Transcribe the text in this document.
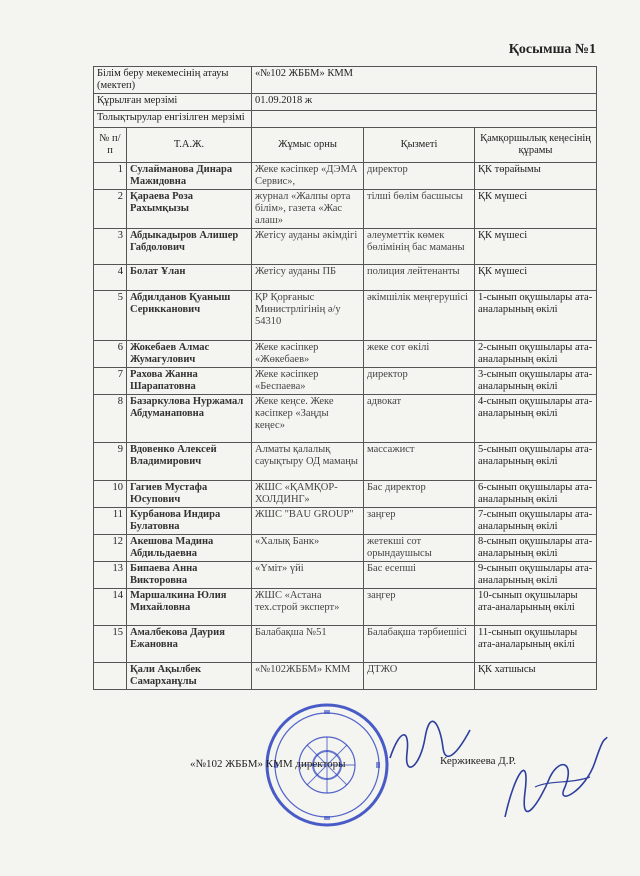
Қосымша №1
Білім беру мекемесінің атауы (мектеп)		«№102 ЖББМ» КММ		
Құрылған мерзімі		01.09.2018 ж		
Толықтырулар енгізілген мерзімі				
№ п/п	Т.А.Ж.	Жұмыс орны	Қызметі	Қамқоршылық кеңесінің құрамы
1	Сулайманова Динара Мажидовна	Жеке кәсіпкер «ДЭМА Сервис»,	директор	ҚК төрайымы
2	Қараева Роза Рахымқызы	журнал «Жалпы орта білім», газета «Жас алаш»	тілші бөлім басшысы	ҚК мүшесі
3	Абдыкадыров Алишер Габдолович	Жетісу ауданы әкімдігі	әлеуметтік көмек бөлімінің бас маманы	ҚК мүшесі
4	Болат Ұлан	Жетісу ауданы ПБ	полиция лейтенанты	ҚК мүшесі
5	Абдилданов Қуаныш Серикканович	ҚР Қорғаныс Министрлігінің ә/у 54310	әкімшілік меңгерушісі	1-сынып оқушылары ата-аналарының өкілі
6	Жокебаев Алмас Жумагулович	Жеке кәсіпкер «Жөкебаев»	жеке сот өкілі	2-сынып оқушылары ата-аналарының өкілі
7	Рахова Жанна Шарапатовна	Жеке кәсіпкер «Беспаева»	директор	3-сынып оқушылары ата-аналарының өкілі
8	Базаркулова Нуржамал Абдуманаповна	Жеке кеңсе. Жеке кәсіпкер «Заңды кеңес»	адвокат	4-сынып оқушылары ата-аналарының өкілі
9	Вдовенко Алексей Владимирович	Алматы қалалық сауықтыру ОД мамаңы	массажист	5-сынып оқушылары ата-аналарының өкілі
10	Гагиев Мустафа Юсупович	ЖШС «ҚАМҚОР-ХОЛДИНГ»	Бас директор	6-сынып оқушылары ата-аналарының өкілі
11	Курбанова Индира Булатовна	ЖШС "BAU GROUP"	заңгер	7-сынып оқушылары ата-аналарының өкілі
12	Акешова Мадина Абдильдаевна	«Халық Банк»	жетекші сот орындаушысы	8-сынып оқушылары ата-аналарының өкілі
13	Бипаева Анна Викторовна	«Үміт» үйі	Бас есепші	9-сынып оқушылары ата-аналарының өкілі
14	Маршалкина Юлия Михайловна	ЖШС «Астана тех.строй эксперт»	заңгер	10-сынып оқушылары ата-аналарының өкілі
15	Амалбекова Даурия Ежановна	Балабақша №51	Балабақша тәрбиешісі	11-сынып оқушылары ата-аналарының өкілі
	Қали Ақылбек Самарханұлы	«№102ЖББМ» КММ	ДТЖО	ҚК хатшысы
«№102 ЖББМ» КММ директоры	Кержикеева Д.Р.
